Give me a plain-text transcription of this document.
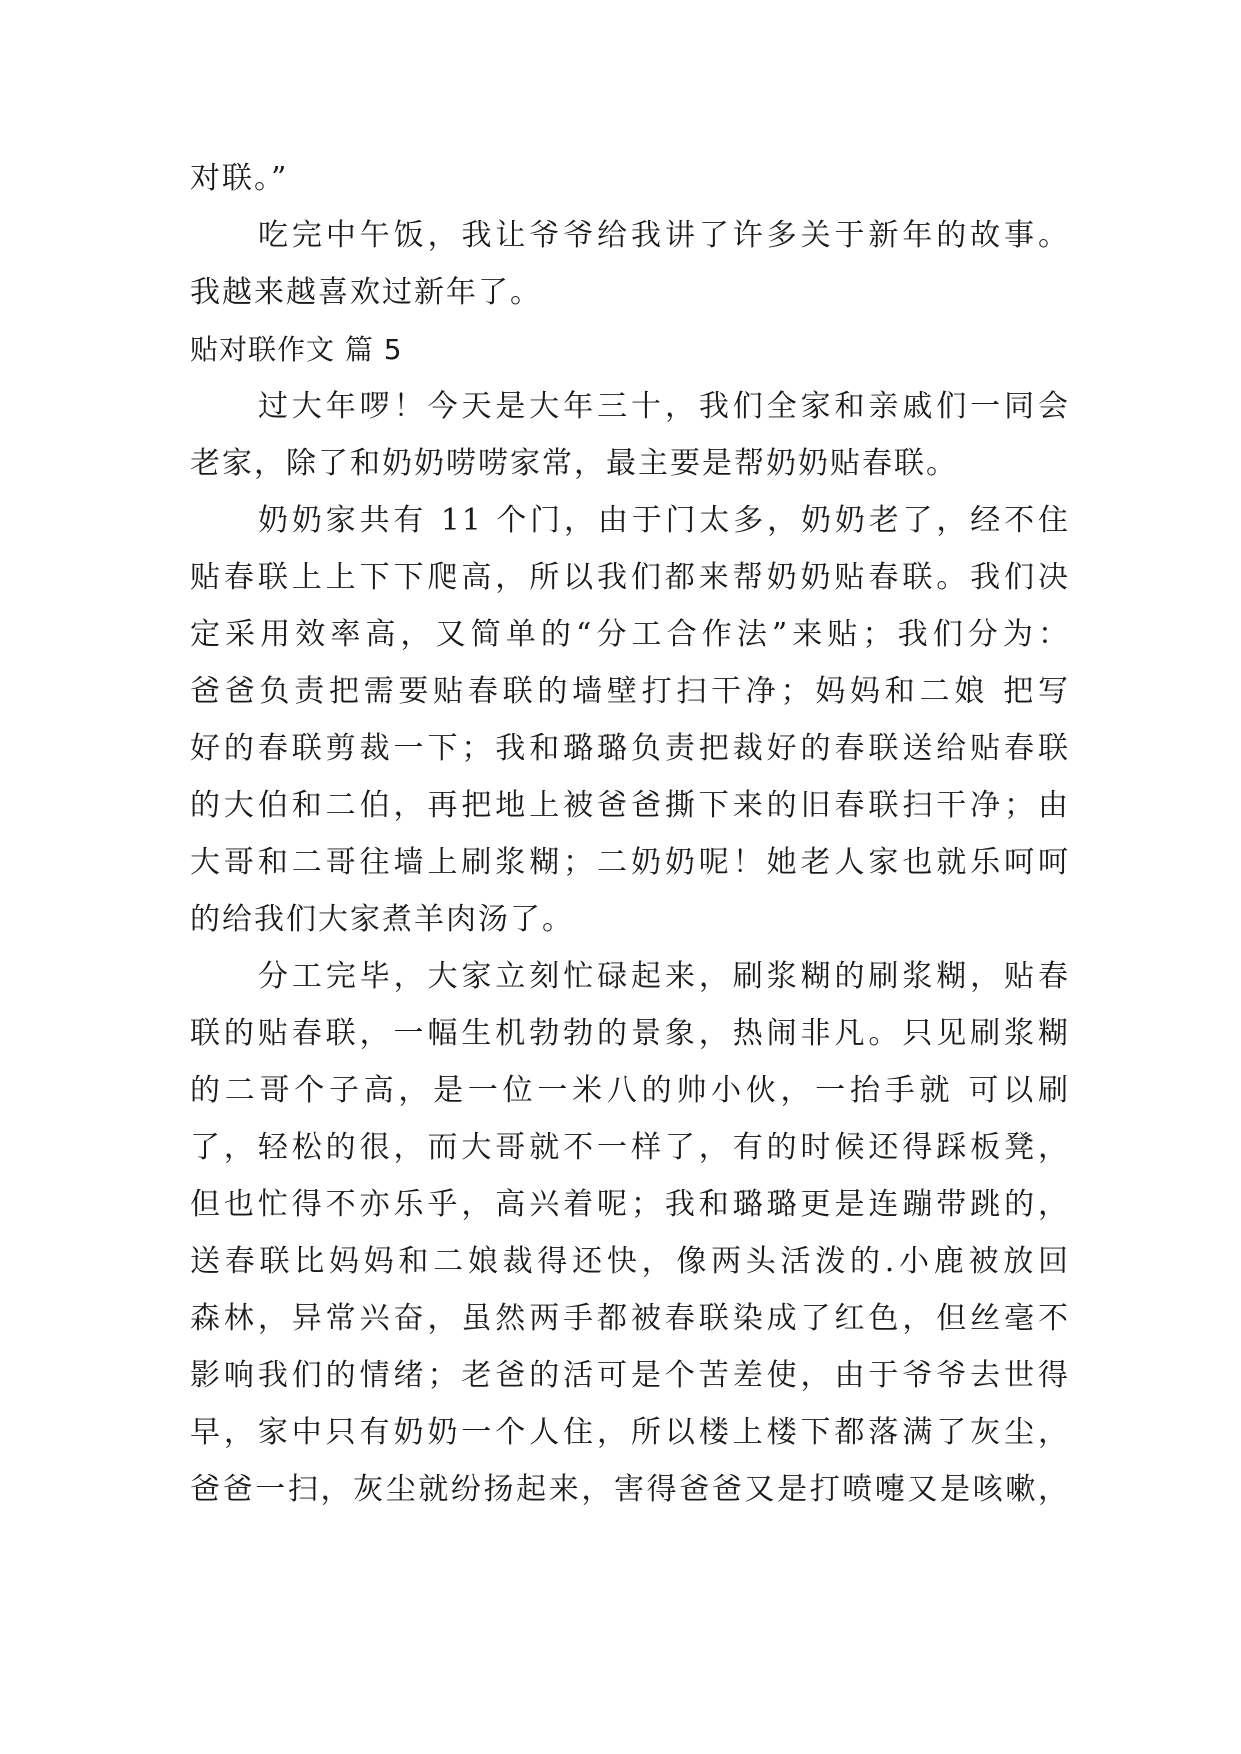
对联。”
吃完中午饭，我让爷爷给我讲了许多关于新年的故事。
我越来越喜欢过新年了。
贴对联作文 篇 5
过大年啰！今天是大年三十，我们全家和亲戚们一同会
老家，除了和奶奶唠唠家常，最主要是帮奶奶贴春联。
奶奶家共有 11 个门，由于门太多，奶奶老了，经不住
贴春联上上下下爬高，所以我们都来帮奶奶贴春联。我们决
定采用效率高，又简单的“分工合作法”来贴；我们分为：
爸爸负责把需要贴春联的墙壁打扫干净；妈妈和二娘 把写
好的春联剪裁一下；我和璐璐负责把裁好的春联送给贴春联
的大伯和二伯，再把地上被爸爸撕下来的旧春联扫干净；由
大哥和二哥往墙上刷浆糊；二奶奶呢！她老人家也就乐呵呵
的给我们大家煮羊肉汤了。
分工完毕，大家立刻忙碌起来，刷浆糊的刷浆糊，贴春
联的贴春联，一幅生机勃勃的景象，热闹非凡。只见刷浆糊
的二哥个子高，是一位一米八的帅小伙，一抬手就 可以刷
了，轻松的很，而大哥就不一样了，有的时候还得踩板凳，
但也忙得不亦乐乎，高兴着呢；我和璐璐更是连蹦带跳的，
送春联比妈妈和二娘裁得还快，像两头活泼的.小鹿被放回
森林，异常兴奋，虽然两手都被春联染成了红色，但丝毫不
影响我们的情绪；老爸的活可是个苦差使，由于爷爷去世得
早，家中只有奶奶一个人住，所以楼上楼下都落满了灰尘，
爸爸一扫，灰尘就纷扬起来，害得爸爸又是打喷嚏又是咳嗽，
